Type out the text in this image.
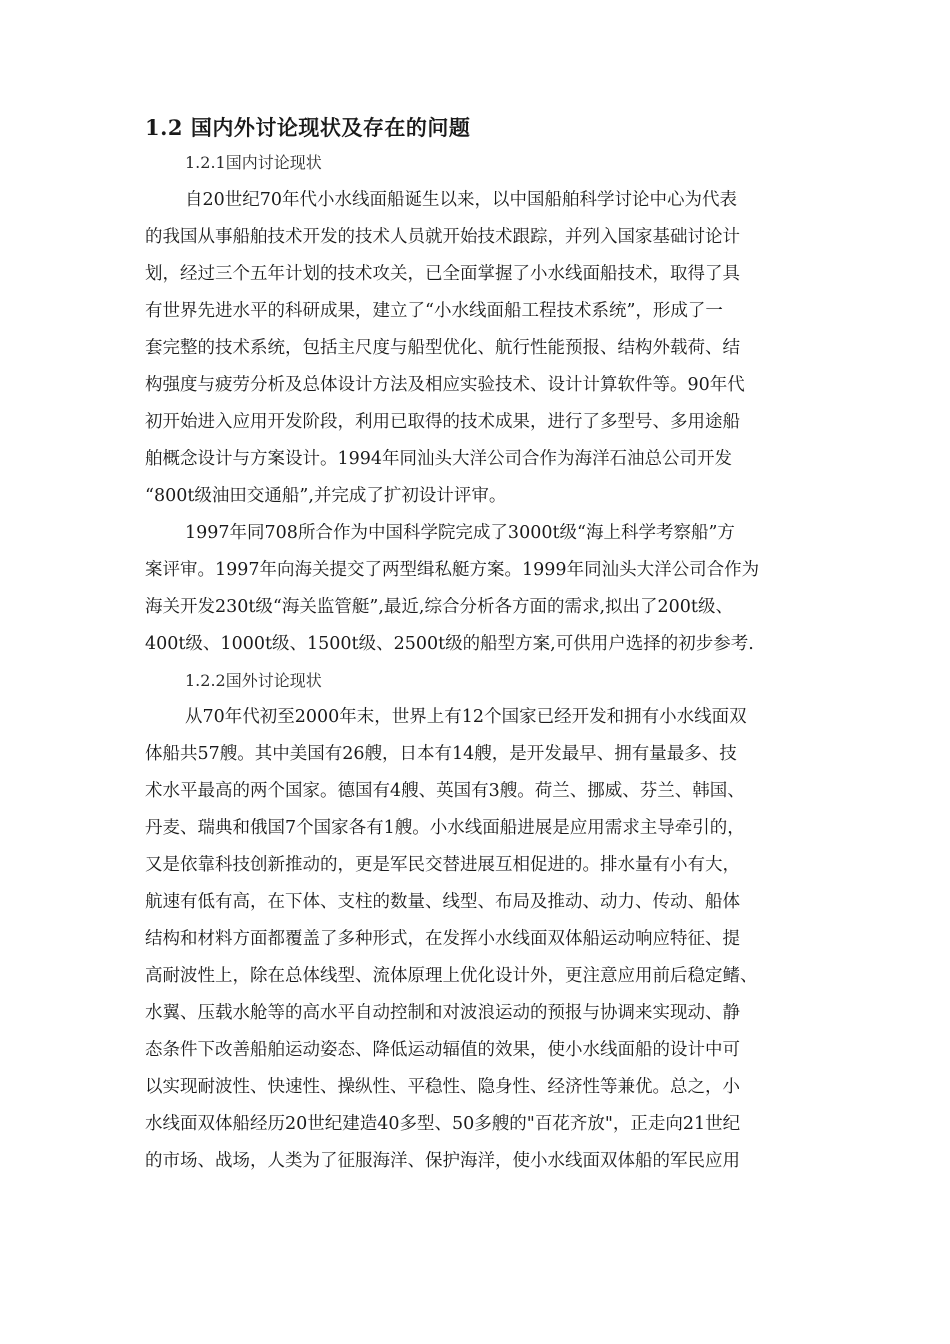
1.2 国内外讨论现状及存在的问题
1.2.1国内讨论现状
自20世纪70年代小水线面船诞生以来，以中国船舶科学讨论中心为代表
的我国从事船舶技术开发的技术人员就开始技术跟踪，并列入国家基础讨论计
划，经过三个五年计划的技术攻关，已全面掌握了小水线面船技术，取得了具
有世界先进水平的科研成果，建立了“小水线面船工程技术系统”，形成了一
套完整的技术系统，包括主尺度与船型优化、航行性能预报、结构外载荷、结
构强度与疲劳分析及总体设计方法及相应实验技术、设计计算软件等。90年代
初开始进入应用开发阶段，利用已取得的技术成果，进行了多型号、多用途船
舶概念设计与方案设计。1994年同汕头大洋公司合作为海洋石油总公司开发
“800t级油田交通船”,并完成了扩初设计评审。
1997年同708所合作为中国科学院完成了3000t级“海上科学考察船”方
案评审。1997年向海关提交了两型缉私艇方案。1999年同汕头大洋公司合作为
海关开发230t级“海关监管艇”,最近,综合分析各方面的需求,拟出了200t级、
400t级、1000t级、1500t级、2500t级的船型方案,可供用户选择的初步参考.
1.2.2国外讨论现状
从70年代初至2000年末，世界上有12个国家已经开发和拥有小水线面双
体船共57艘。其中美国有26艘，日本有14艘，是开发最早、拥有量最多、技
术水平最高的两个国家。德国有4艘、英国有3艘。荷兰、挪威、芬兰、韩国、
丹麦、瑞典和俄国7个国家各有1艘。小水线面船进展是应用需求主导牵引的，
又是依靠科技创新推动的，更是军民交替进展互相促进的。排水量有小有大，
航速有低有高，在下体、支柱的数量、线型、布局及推动、动力、传动、船体
结构和材料方面都覆盖了多种形式，在发挥小水线面双体船运动响应特征、提
高耐波性上，除在总体线型、流体原理上优化设计外，更注意应用前后稳定鳍、
水翼、压载水舱等的高水平自动控制和对波浪运动的预报与协调来实现动、静
态条件下改善船舶运动姿态、降低运动辐值的效果，使小水线面船的设计中可
以实现耐波性、快速性、操纵性、平稳性、隐身性、经济性等兼优。总之，小
水线面双体船经历20世纪建造40多型、50多艘的"百花齐放"，正走向21世纪
的市场、战场，人类为了征服海洋、保护海洋，使小水线面双体船的军民应用
